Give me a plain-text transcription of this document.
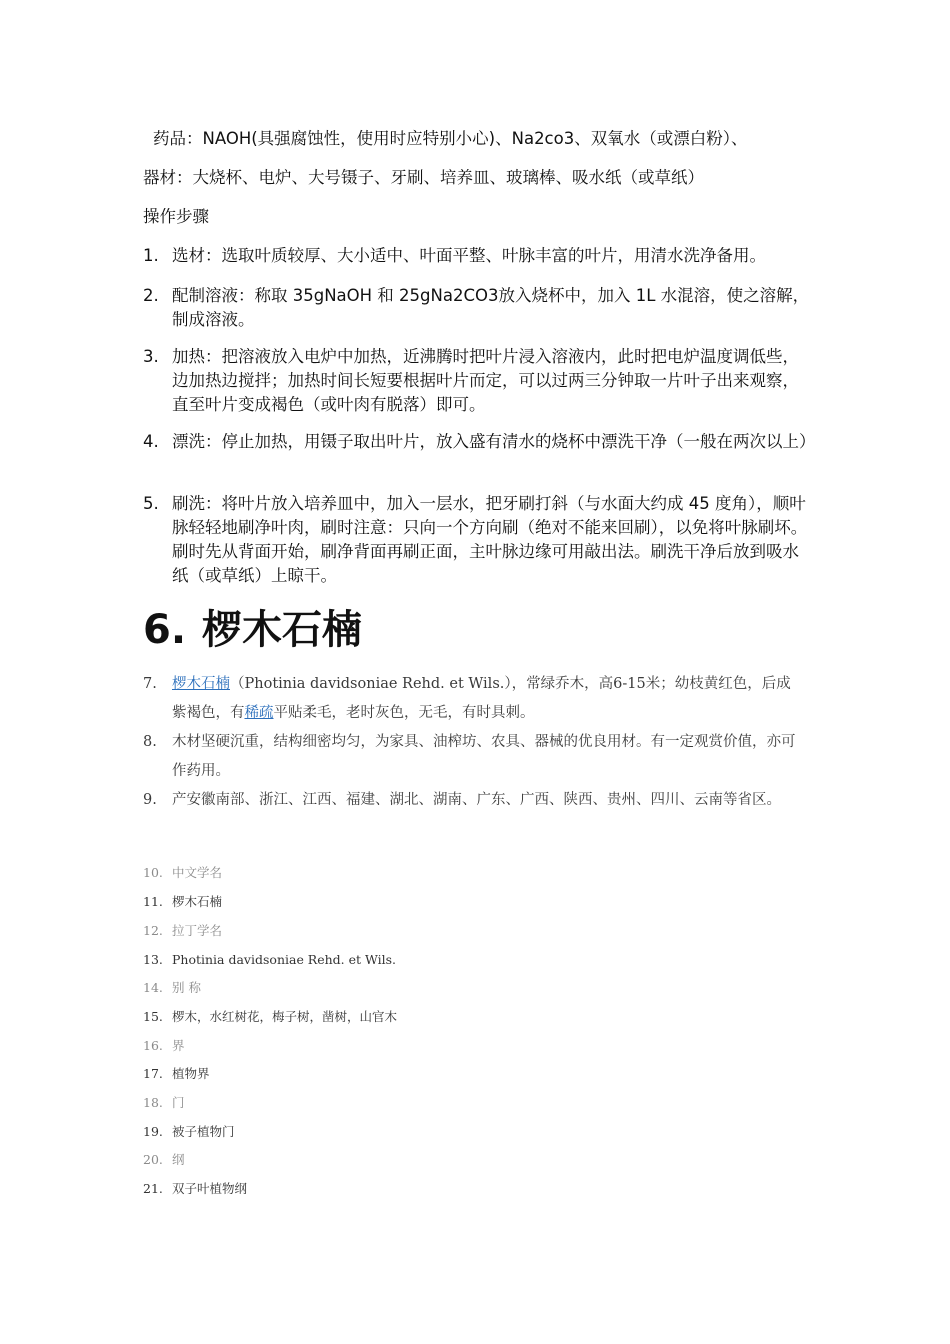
药品：NAOH(具强腐蚀性，使用时应特别小心)、Na2co3、双氧水（或漂白粉）、
器材：大烧杯、电炉、大号镊子、牙刷、培养皿、玻璃棒、吸水纸（或草纸）
操作步骤
1. 选材：选取叶质较厚、大小适中、叶面平整、叶脉丰富的叶片，用清水洗净备用。
2. 配制溶液：称取 35gNaOH 和 25gNa2CO3放入烧杯中，加入 1L 水混溶，使之溶解，制成溶液。
3. 加热：把溶液放入电炉中加热，近沸腾时把叶片浸入溶液内，此时把电炉温度调低些，边加热边搅拌；加热时间长短要根据叶片而定，可以过两三分钟取一片叶子出来观察，直至叶片变成褐色（或叶肉有脱落）即可。
4. 漂洗：停止加热，用镊子取出叶片，放入盛有清水的烧杯中漂洗干净（一般在两次以上）
5. 刷洗：将叶片放入培养皿中，加入一层水，把牙刷打斜（与水面大约成 45 度角），顺叶脉轻轻地刷净叶肉，刷时注意：只向一个方向刷（绝对不能来回刷），以免将叶脉刷坏。刷时先从背面开始，刷净背面再刷正面，主叶脉边缘可用敲出法。刷洗干净后放到吸水纸（或草纸）上晾干。
6. 椤木石楠
7. 椤木石楠（Photinia davidsoniae Rehd. et Wils.），常绿乔木，高6-15米；幼枝黄红色，后成紫褐色，有稀疏平贴柔毛，老时灰色，无毛，有时具刺。
8. 木材坚硬沉重，结构细密均匀，为家具、油榨坊、农具、器械的优良用材。有一定观赏价值，亦可作药用。
9. 产安徽南部、浙江、江西、福建、湖北、湖南、广东、广西、陕西、贵州、四川、云南等省区。
10. 中文学名
11. 椤木石楠
12. 拉丁学名
13. Photinia davidsoniae Rehd. et Wils.
14. 别 称
15. 椤木，水红树花，梅子树，凿树，山官木
16. 界
17. 植物界
18. 门
19. 被子植物门
20. 纲
21. 双子叶植物纲
